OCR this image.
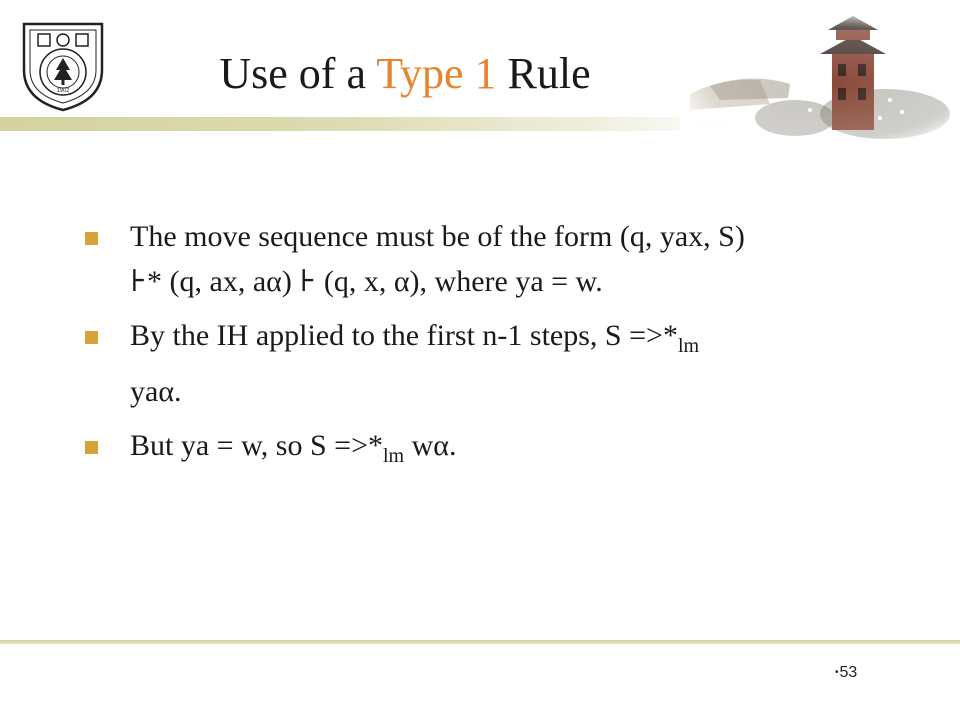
1902	Use of a Type 1 Rule
The move sequence must be of the form (q, yax, S)
⊦* (q, ax, aα) ⊦ (q, x, α), where ya = w.
By the IH applied to the first n-1 steps, $S =>*_{lm}$
yaα.
But ya = w, so $S =>*_{lm}$ wα.
•53
